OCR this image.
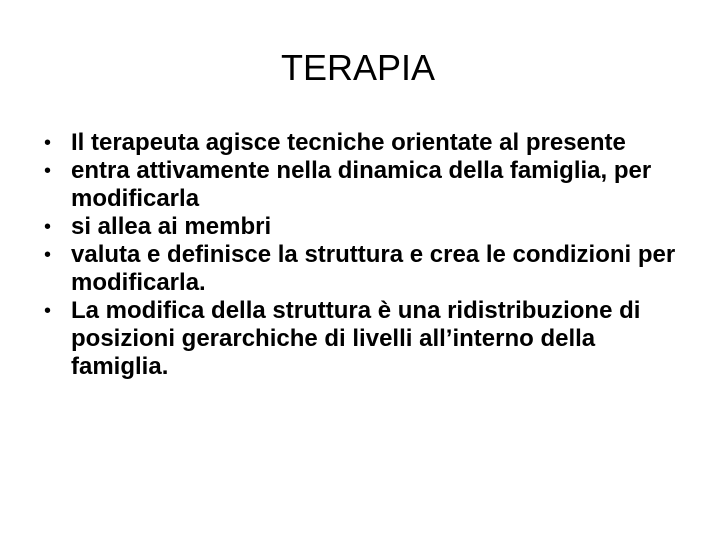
TERAPIA
• Il terapeuta agisce tecniche orientate al presente
• entra attivamente nella dinamica della famiglia, per modificarla
• si allea ai membri
• valuta e definisce la struttura e crea le condizioni per modificarla.
• La modifica della struttura è una ridistribuzione di posizioni gerarchiche di livelli all’interno della famiglia.
